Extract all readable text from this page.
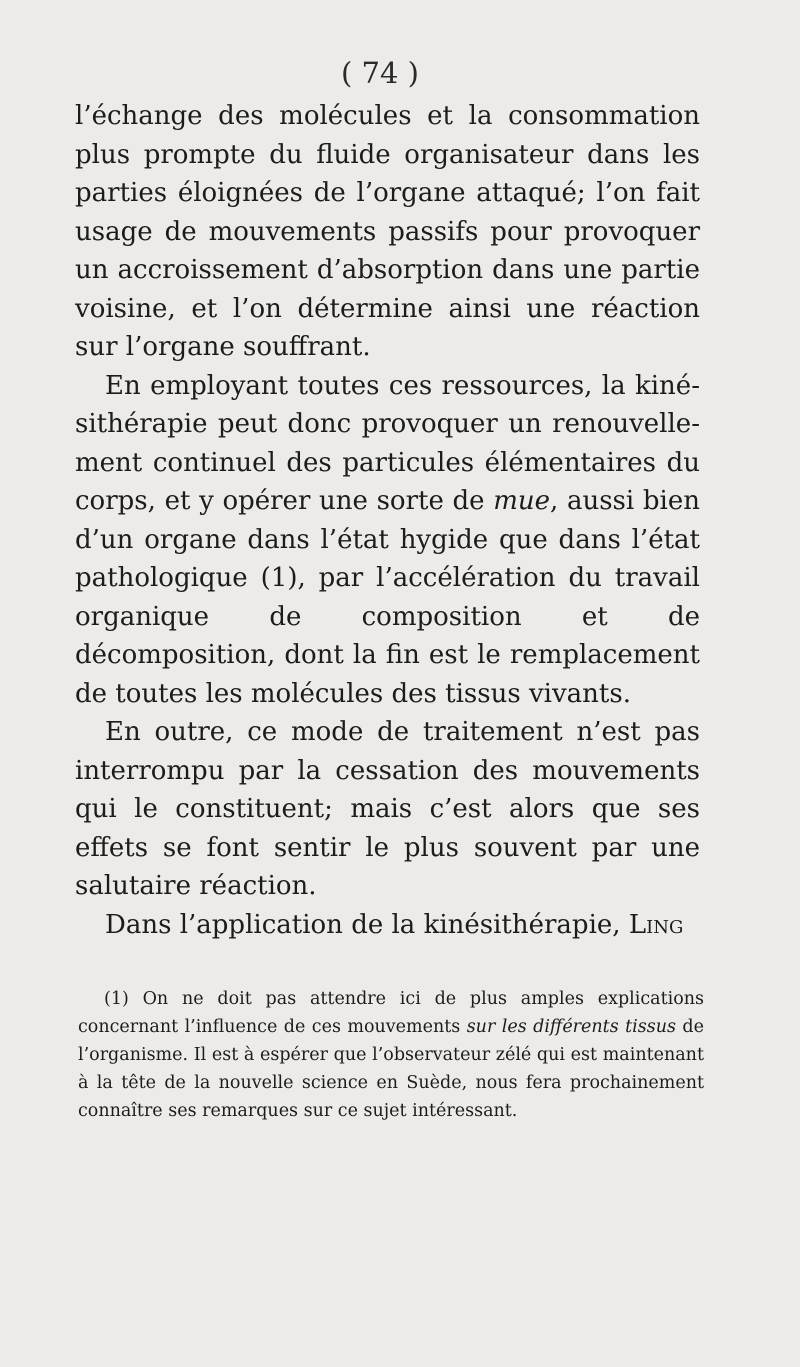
( 74 )

l’échange des molécules et la consommation plus prompte du fluide organisateur dans les parties éloignées de l’organe attaqué; l’on fait usage de mouvements passifs pour provoquer un accroissement d’absorption dans une partie voisine, et l’on détermine ainsi une réaction sur l’organe souffrant.

En employant toutes ces ressources, la kinésithérapie peut donc provoquer un renouvellement continuel des particules élémentaires du corps, et y opérer une sorte de mue, aussi bien d’un organe dans l’état hygide que dans l’état pathologique (1), par l’accélération du travail organique de composition et de décomposition, dont la fin est le remplacement de toutes les molécules des tissus vivants.

En outre, ce mode de traitement n’est pas interrompu par la cessation des mouvements qui le constituent; mais c’est alors que ses effets se font sentir le plus souvent par une salutaire réaction.

Dans l’application de la kinésithérapie, Ling

(1) On ne doit pas attendre ici de plus amples explications concernant l’influence de ces mouvements sur les différents tissus de l’organisme. Il est à espérer que l’observateur zélé qui est maintenant à la tête de la nouvelle science en Suède, nous fera prochainement connaître ses remarques sur ce sujet intéressant.
